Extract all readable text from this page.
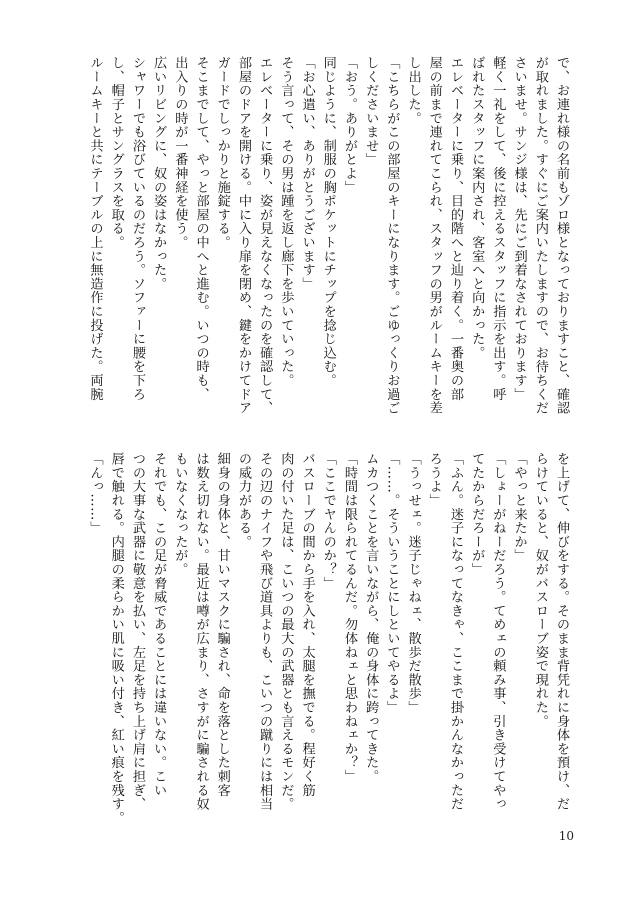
で、お連れ様の名前もゾロ様となっておりますこと、確認
が取れました。すぐにご案内いたしますので、お待ちくだ
さいませ。サンジ様は、先にご到着なされております」
軽く一礼をして、後に控えるスタッフに指示を出す。呼
ばれたスタッフに案内され、客室へと向かった。
エレベーターに乗り、目的階へと辿り着く。一番奥の部
屋の前まで連れてこられ、スタッフの男がルームキーを差
し出した。
「こちらがこの部屋のキーになります。ごゆっくりお過ご
しくださいませ」
「おう。ありがとよ」
同じように、制服の胸ポケットにチップを捻じ込む。
「お心遣い、ありがとうございます」
そう言って、その男は踵を返し廊下を歩いていった。
エレベーターに乗り、姿が見えなくなったのを確認して、
部屋のドアを開ける。中に入り扉を閉め、鍵をかけてドア
ガードでしっかりと施錠する。
そこまでして、やっと部屋の中へと進む。いつの時も、
出入りの時が一番神経を使う。
広いリビングに、奴の姿はなかった。
シャワーでも浴びているのだろう。ソファーに腰を下ろ
し、帽子とサングラスを取る。
ルームキーと共にテーブルの上に無造作に投げた。両腕
を上げて、伸びをする。そのまま背凭れに身体を預け、だ
らけていると、奴がバスローブ姿で現れた。
「やっと来たか」
「しょーがねーだろう。てめェの頼み事、引き受けてやっ
てたからだろーが」
「ふん。迷子になってなきゃ、ここまで掛かんなかっただ
ろうよ」
「うっせェ。迷子じゃねェ、散歩だ散歩」
「……。そういうことにしといてやるよ」
ムカつくことを言いながら、俺の身体に跨ってきた。
「時間は限られてるんだ。勿体ねェと思わねェか？」
「ここでヤんのか？」
バスローブの間から手を入れ、太腿を撫でる。程好く筋
肉の付いた足は、こいつの最大の武器とも言えるモンだ。
その辺のナイフや飛び道具よりも、こいつの蹴りには相当
の威力がある。
細身の身体と、甘いマスクに騙され、命を落とした刺客
は数え切れない。最近は噂が広まり、さすがに騙される奴
もいなくなったが。
それでも、この足が脅威であることには違いない。こい
つの大事な武器に敬意を払い、左足を持ち上げ肩に担ぎ、
唇で触れる。内腿の柔らかい肌に吸い付き、紅い痕を残す。
「んっ……」
10
